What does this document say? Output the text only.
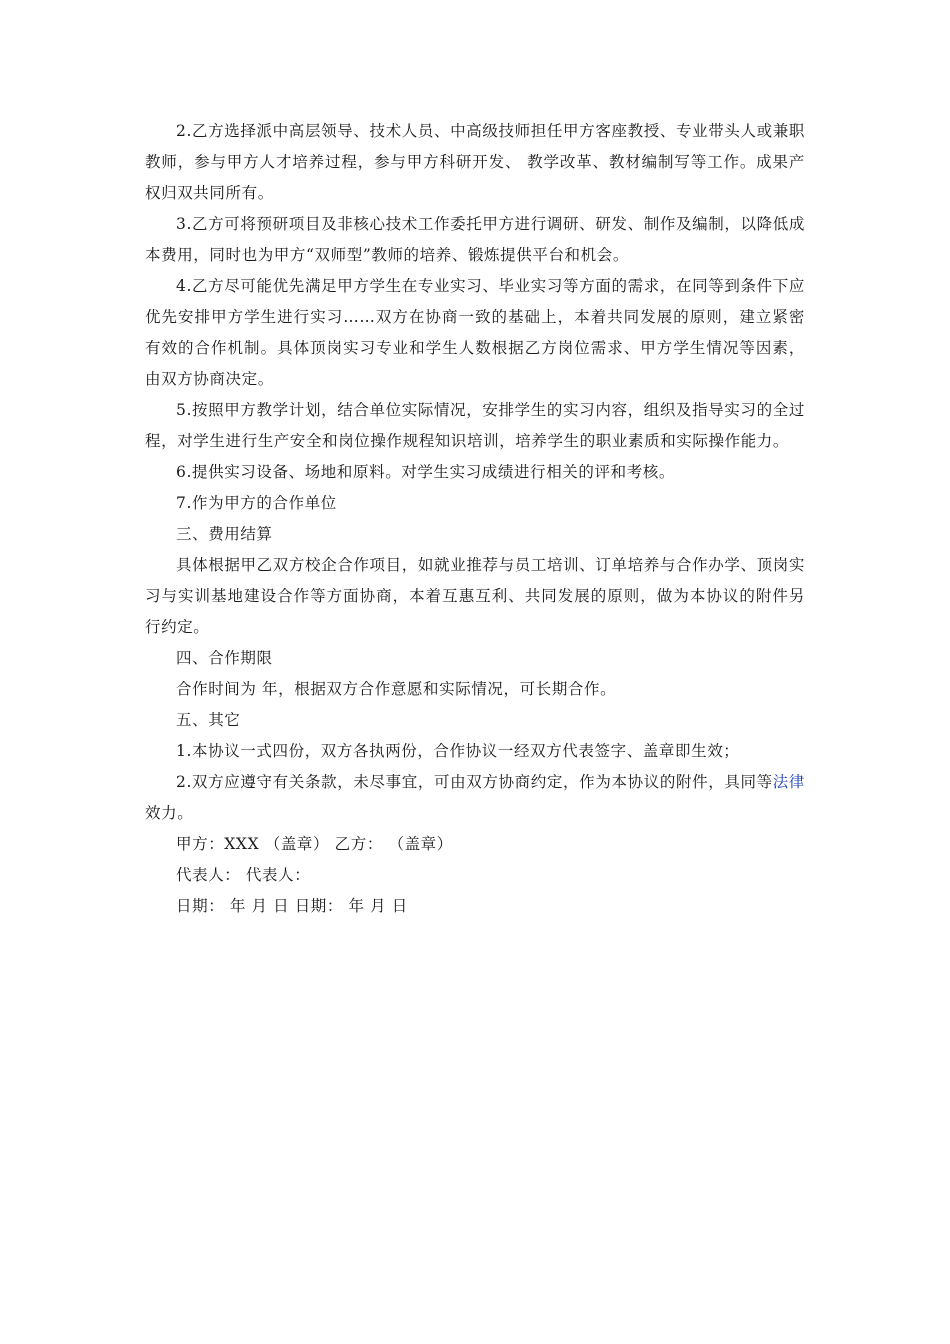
2.乙方选择派中高层领导、技术人员、中高级技师担任甲方客座教授、专业带头人或兼职教师，参与甲方人才培养过程，参与甲方科研开发、 教学改革、教材编制写等工作。成果产权归双共同所有。

3.乙方可将预研项目及非核心技术工作委托甲方进行调研、研发、制作及编制，以降低成本费用，同时也为甲方“双师型”教师的培养、锻炼提供平台和机会。

4.乙方尽可能优先满足甲方学生在专业实习、毕业实习等方面的需求，在同等到条件下应优先安排甲方学生进行实习……双方在协商一致的基础上，本着共同发展的原则，建立紧密有效的合作机制。具体顶岗实习专业和学生人数根据乙方岗位需求、甲方学生情况等因素，由双方协商决定。

5.按照甲方教学计划，结合单位实际情况，安排学生的实习内容，组织及指导实习的全过程，对学生进行生产安全和岗位操作规程知识培训，培养学生的职业素质和实际操作能力。

6.提供实习设备、场地和原料。对学生实习成绩进行相关的评和考核。

7.作为甲方的合作单位

三、费用结算

具体根据甲乙双方校企合作项目，如就业推荐与员工培训、订单培养与合作办学、顶岗实习与实训基地建设合作等方面协商，本着互惠互利、共同发展的原则，做为本协议的附件另行约定。

四、合作期限

合作时间为 年，根据双方合作意愿和实际情况，可长期合作。

五、其它

1.本协议一式四份，双方各执两份，合作协议一经双方代表签字、盖章即生效；

2.双方应遵守有关条款，未尽事宜，可由双方协商约定，作为本协议的附件，具同等法律效力。

甲方：XXX （盖章） 乙方： （盖章）

代表人： 代表人：

日期： 年 月 日 日期： 年 月 日
